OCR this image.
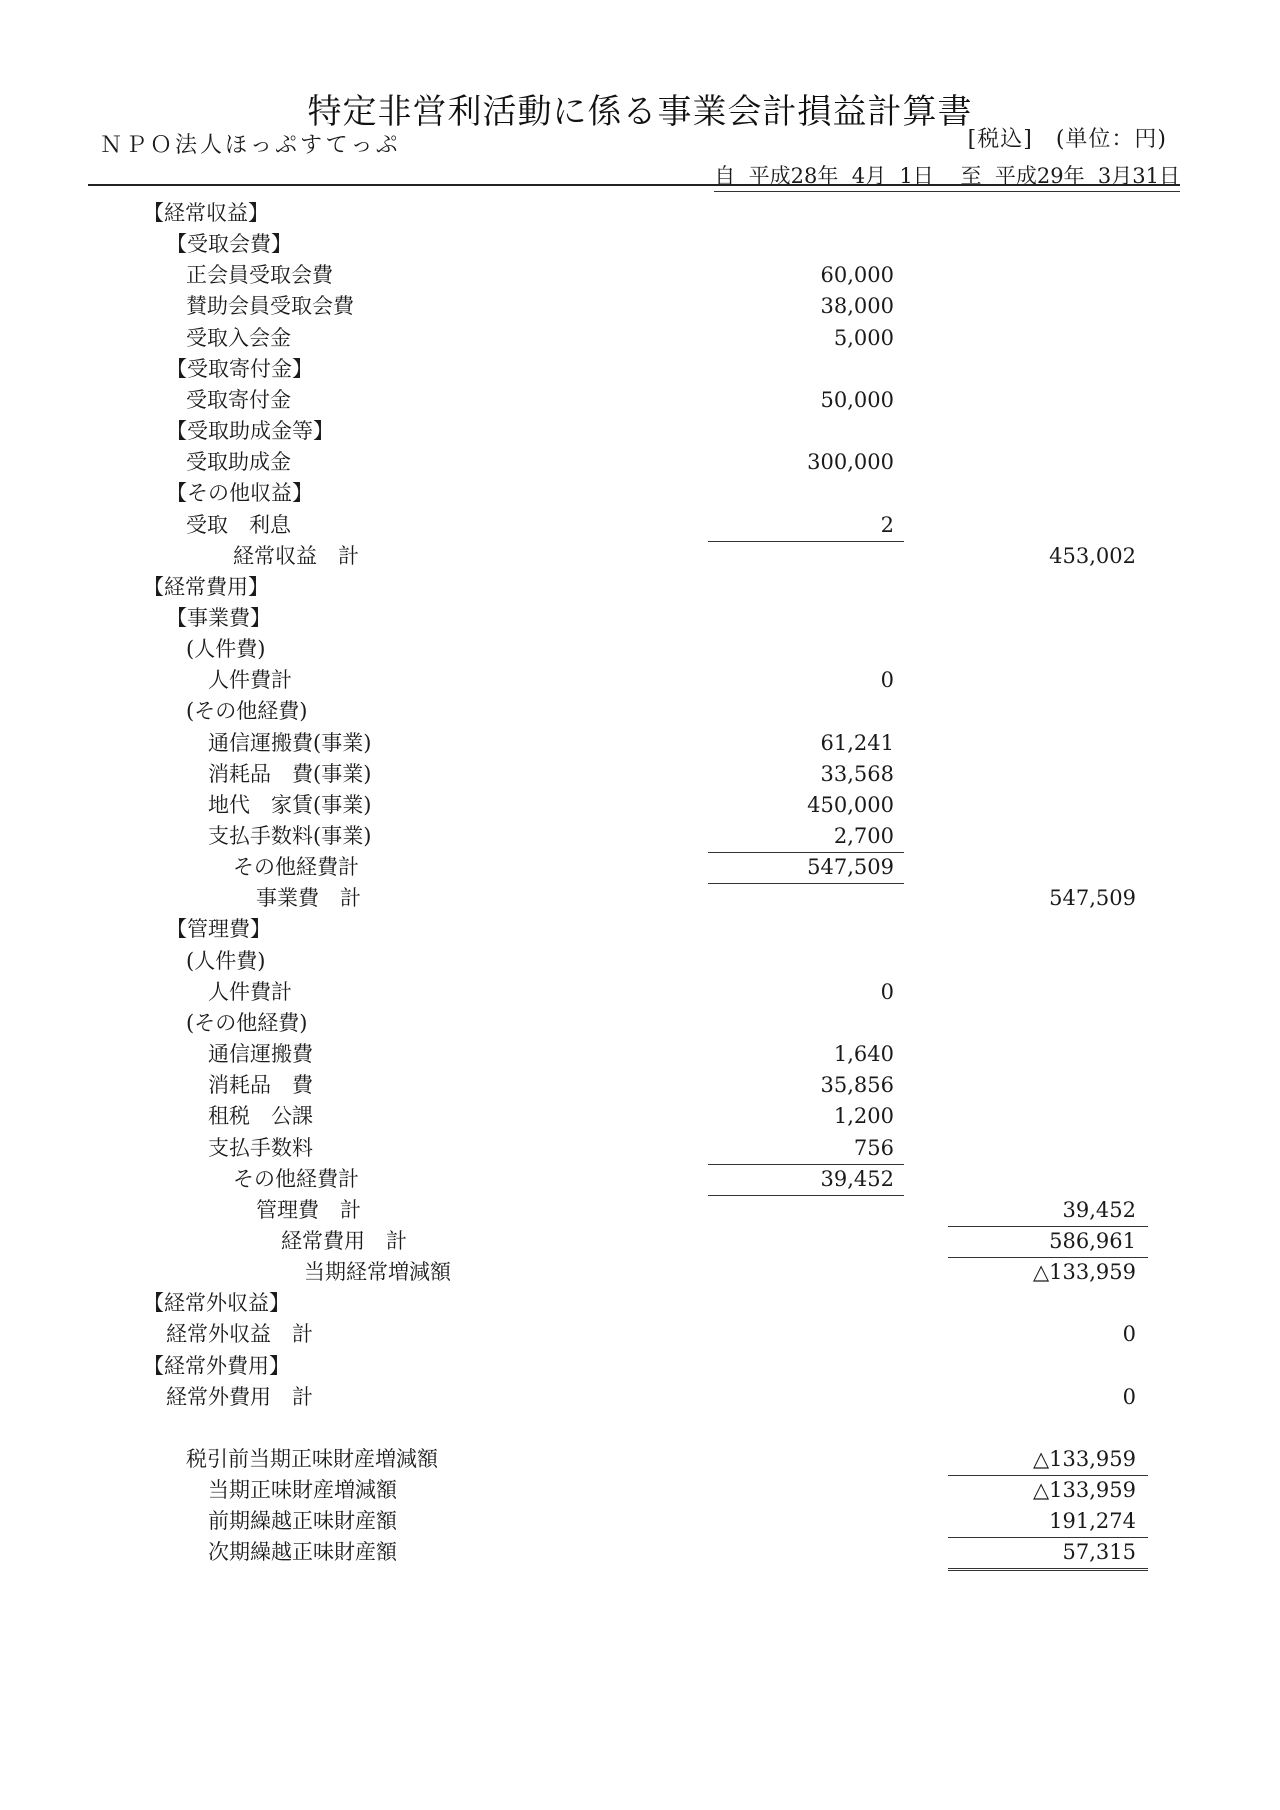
特定非営利活動に係る事業会計損益計算書
ＮＰＯ法人ほっぷすてっぷ	[税込]　(単位：円)
自  平成28年  4月  1日    至  平成29年  3月31日
【経常収益】
【受取会費】
正会員受取会費	60,000
賛助会員受取会費	38,000
受取入会金	5,000
【受取寄付金】
受取寄付金	50,000
【受取助成金等】
受取助成金	300,000
【その他収益】
受取　利息	2
経常収益　計	453,002
【経常費用】
【事業費】
(人件費)
人件費計	0
(その他経費)
通信運搬費(事業)	61,241
消耗品　費(事業)	33,568
地代　家賃(事業)	450,000
支払手数料(事業)	2,700
その他経費計	547,509
事業費　計	547,509
【管理費】
(人件費)
人件費計	0
(その他経費)
通信運搬費	1,640
消耗品　費	35,856
租税　公課	1,200
支払手数料	756
その他経費計	39,452
管理費　計	39,452
経常費用　計	586,961
当期経常増減額	△133,959
【経常外収益】
経常外収益　計	0
【経常外費用】
経常外費用　計	0
税引前当期正味財産増減額	△133,959
当期正味財産増減額	△133,959
前期繰越正味財産額	191,274
次期繰越正味財産額	57,315
